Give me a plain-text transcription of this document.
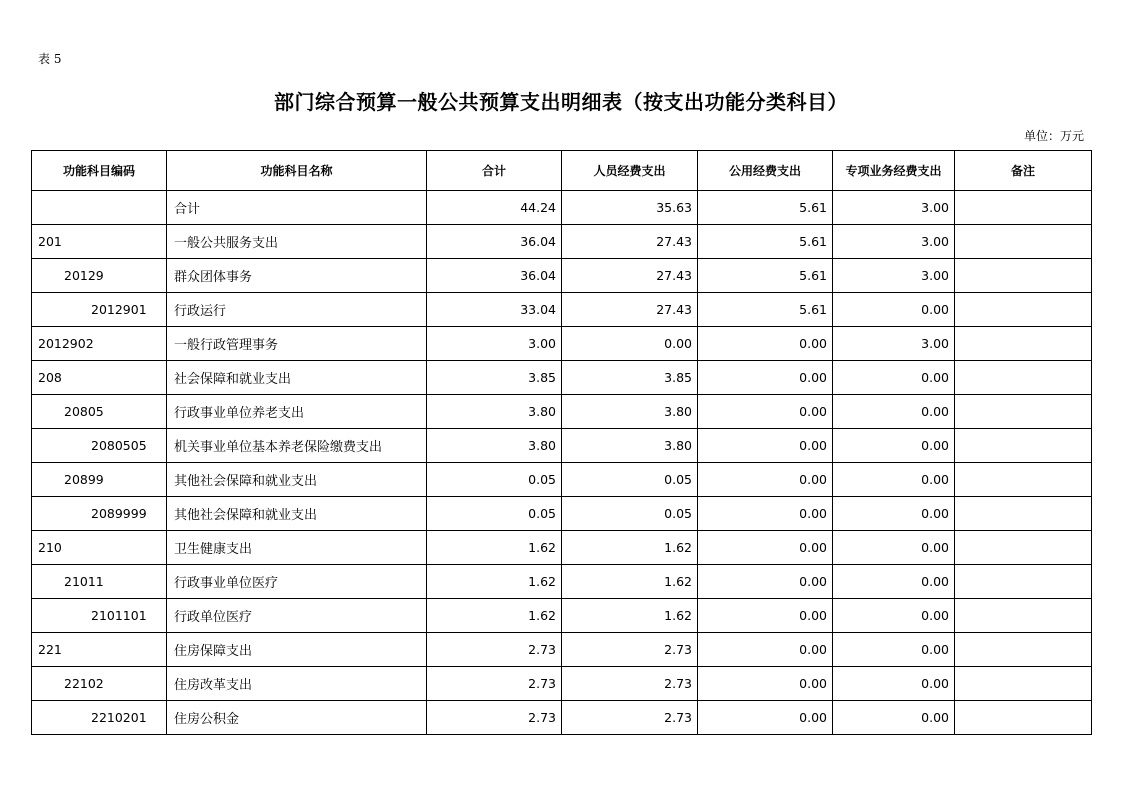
表 5
部门综合预算一般公共预算支出明细表（按支出功能分类科目）
单位：万元
功能科目编码	功能科目名称	合计	人员经费支出	公用经费支出	专项业务经费支出	备注
	合计	44.24	35.63	5.61	3.00	
201	一般公共服务支出	36.04	27.43	5.61	3.00	
20129	群众团体事务	36.04	27.43	5.61	3.00	
2012901	行政运行	33.04	27.43	5.61	0.00	
2012902	一般行政管理事务	3.00	0.00	0.00	3.00	
208	社会保障和就业支出	3.85	3.85	0.00	0.00	
20805	行政事业单位养老支出	3.80	3.80	0.00	0.00	
2080505	机关事业单位基本养老保险缴费支出	3.80	3.80	0.00	0.00	
20899	其他社会保障和就业支出	0.05	0.05	0.00	0.00	
2089999	其他社会保障和就业支出	0.05	0.05	0.00	0.00	
210	卫生健康支出	1.62	1.62	0.00	0.00	
21011	行政事业单位医疗	1.62	1.62	0.00	0.00	
2101101	行政单位医疗	1.62	1.62	0.00	0.00	
221	住房保障支出	2.73	2.73	0.00	0.00	
22102	住房改革支出	2.73	2.73	0.00	0.00	
2210201	住房公积金	2.73	2.73	0.00	0.00	
